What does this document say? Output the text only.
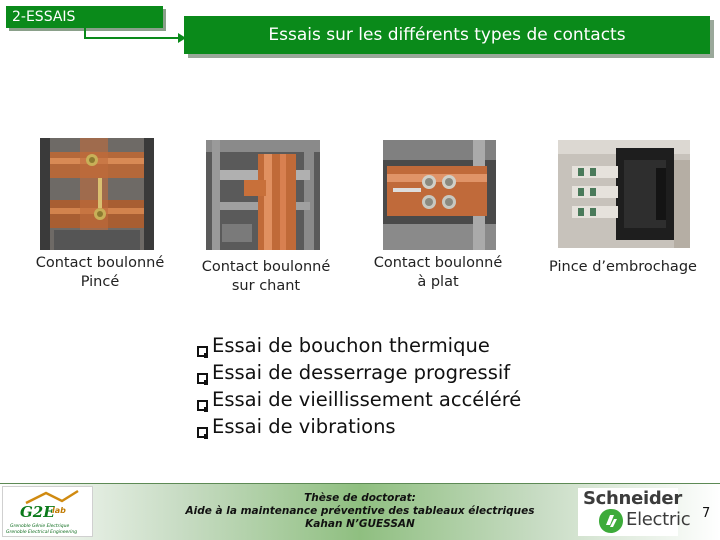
2-ESSAIS
Essais sur les différents types de contacts
Contact boulonné
Pincé
Contact boulonné
sur chant
Contact boulonné
à plat
Pince d’embrochage
Essai de bouchon thermique
Essai de desserrage progressif
Essai de vieillissement accéléré
Essai de vibrations
G2E
lab
Grenoble Génie Electrique
Grenoble Electrical Engineering
Thèse de doctorat:
Aide à la maintenance préventive des tableaux électriques
Kahan N’GUESSAN
Schneider
Electric 7
